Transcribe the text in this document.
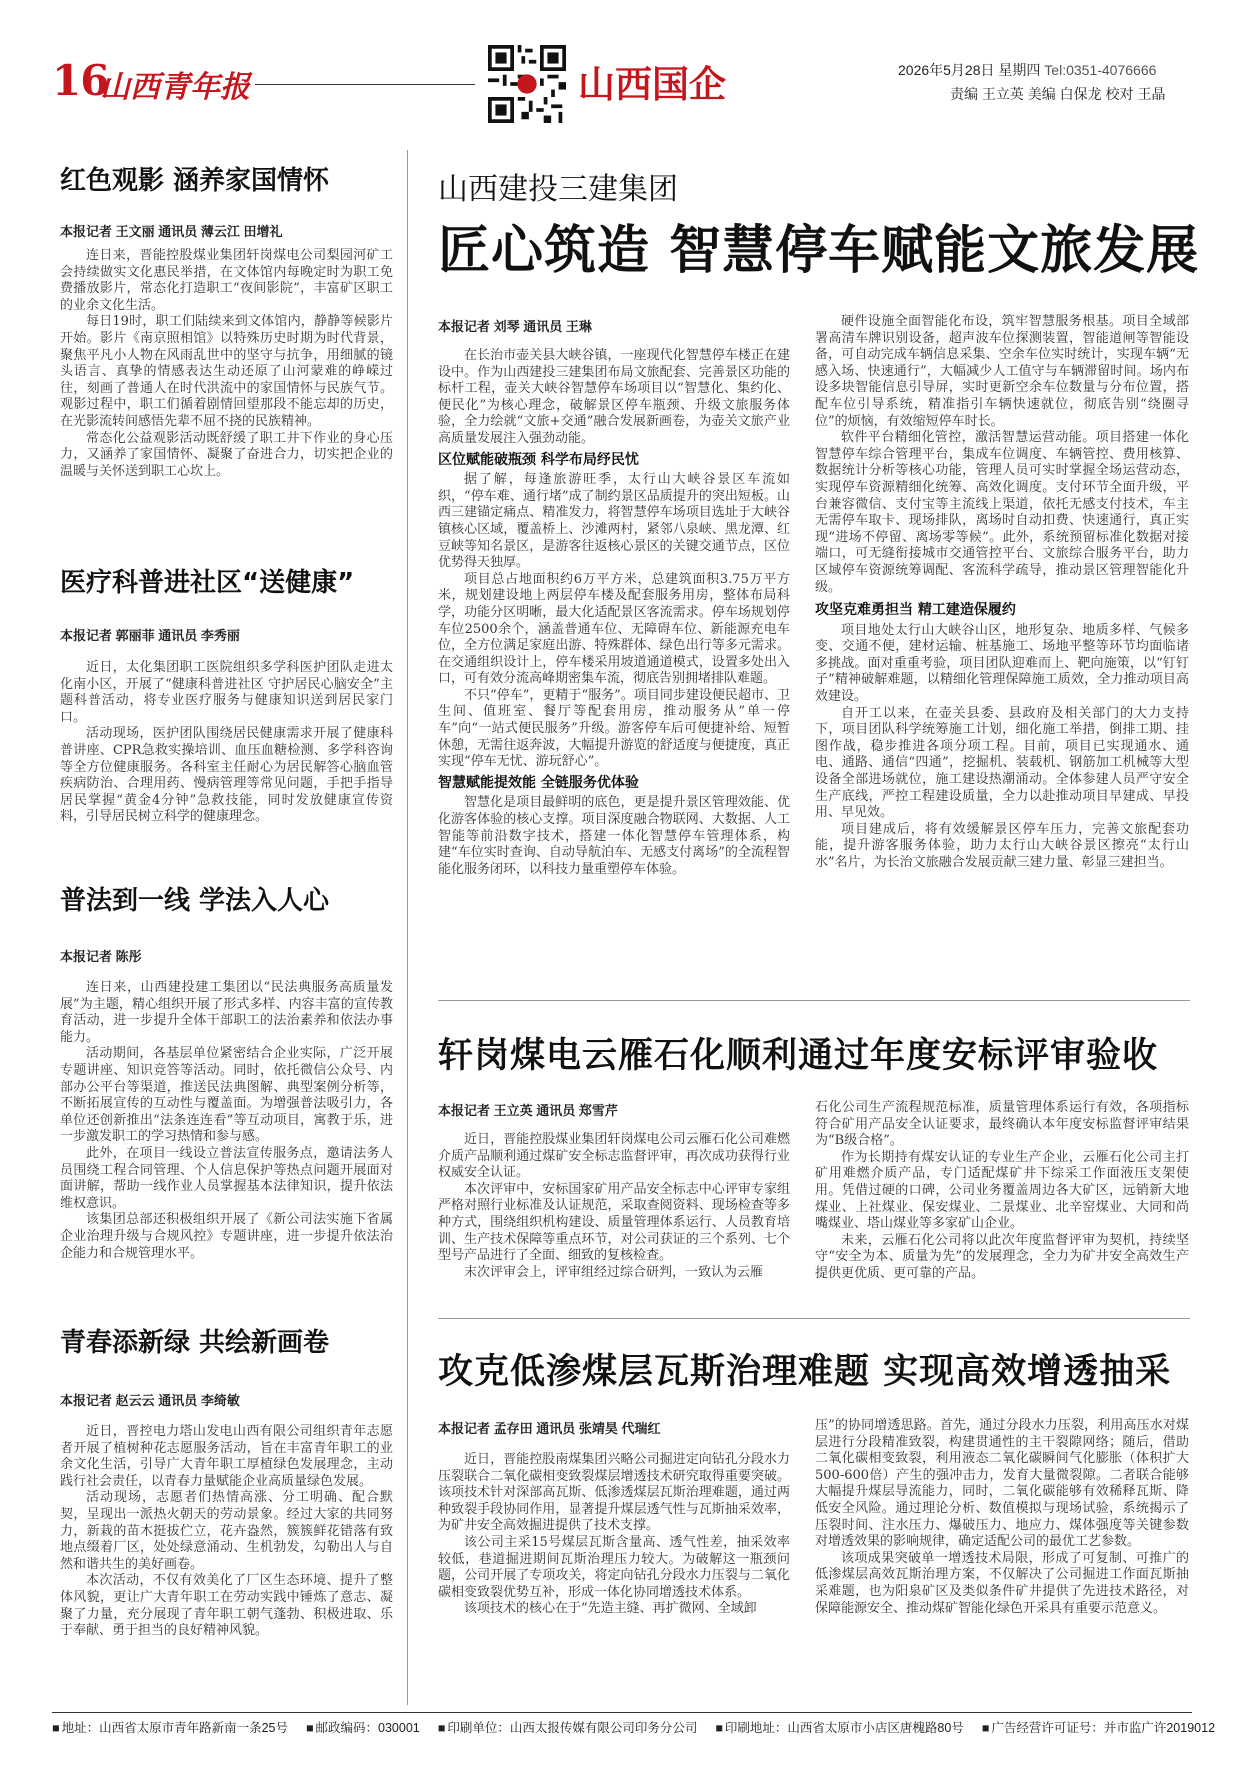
16
山西青年报	山西国企	2026年5月28日 星期四 Tel:0351-4076666
责编 王立英 美编 白保龙 校对 王晶
红色观影 涵养家国情怀
本报记者 王文丽 通讯员 薄云江 田增礼

连日来，晋能控股煤业集团轩岗煤电公司梨园河矿工会持续做实文化惠民举措，在文体馆内每晚定时为职工免费播放影片，常态化打造职工“夜间影院”，丰富矿区职工的业余文化生活。

每日19时，职工们陆续来到文体馆内，静静等候影片开始。影片《南京照相馆》以特殊历史时期为时代背景，聚焦平凡小人物在风雨乱世中的坚守与抗争，用细腻的镜头语言、真挚的情感表达生动还原了山河蒙难的峥嵘过往，刻画了普通人在时代洪流中的家国情怀与民族气节。观影过程中，职工们循着剧情回望那段不能忘却的历史，在光影流转间感悟先辈不屈不挠的民族精神。

常态化公益观影活动既舒缓了职工井下作业的身心压力，又涵养了家国情怀、凝聚了奋进合力，切实把企业的温暖与关怀送到职工心坎上。

医疗科普进社区“送健康”
本报记者 郭丽菲 通讯员 李秀丽

近日，太化集团职工医院组织多学科医护团队走进太化南小区，开展了“健康科普进社区 守护居民心脑安全”主题科普活动，将专业医疗服务与健康知识送到居民家门口。

活动现场，医护团队围绕居民健康需求开展了健康科普讲座、CPR急救实操培训、血压血糖检测、多学科咨询等全方位健康服务。各科室主任耐心为居民解答心脑血管疾病防治、合理用药、慢病管理等常见问题，手把手指导居民掌握“黄金4分钟”急救技能，同时发放健康宣传资料，引导居民树立科学的健康理念。

普法到一线 学法入人心
本报记者 陈彤

连日来，山西建投建工集团以“民法典服务高质量发展”为主题，精心组织开展了形式多样、内容丰富的宣传教育活动，进一步提升全体干部职工的法治素养和依法办事能力。

活动期间，各基层单位紧密结合企业实际，广泛开展专题讲座、知识竞答等活动。同时，依托微信公众号、内部办公平台等渠道，推送民法典图解、典型案例分析等，不断拓展宣传的互动性与覆盖面。为增强普法吸引力，各单位还创新推出“法条连连看”等互动项目，寓教于乐，进一步激发职工的学习热情和参与感。

此外，在项目一线设立普法宣传服务点，邀请法务人员围绕工程合同管理、个人信息保护等热点问题开展面对面讲解，帮助一线作业人员掌握基本法律知识，提升依法维权意识。

该集团总部还积极组织开展了《新公司法实施下省属企业治理升级与合规风控》专题讲座，进一步提升依法治企能力和合规管理水平。

青春添新绿 共绘新画卷
本报记者 赵云云 通讯员 李绮敏

近日，晋控电力塔山发电山西有限公司组织青年志愿者开展了植树种花志愿服务活动，旨在丰富青年职工的业余文化生活，引导广大青年职工厚植绿色发展理念，主动践行社会责任，以青春力量赋能企业高质量绿色发展。

活动现场，志愿者们热情高涨、分工明确、配合默契，呈现出一派热火朝天的劳动景象。经过大家的共同努力，新栽的苗木挺拔伫立，花卉盎然，簇簇鲜花错落有致地点缀着厂区，处处绿意涌动、生机勃发，勾勒出人与自然和谐共生的美好画卷。

本次活动，不仅有效美化了厂区生态环境、提升了整体风貌，更让广大青年职工在劳动实践中锤炼了意志、凝聚了力量，充分展现了青年职工朝气蓬勃、积极进取、乐于奉献、勇于担当的良好精神风貌。

山西建投三建集团
匠心筑造 智慧停车赋能文旅发展
本报记者 刘琴 通讯员 王琳

在长治市壶关县大峡谷镇，一座现代化智慧停车楼正在建设中。作为山西建投三建集团布局文旅配套、完善景区功能的标杆工程，壶关大峡谷智慧停车场项目以“智慧化、集约化、便民化”为核心理念，破解景区停车瓶颈、升级文旅服务体验，全力绘就“文旅+交通”融合发展新画卷，为壶关文旅产业高质量发展注入强劲动能。

区位赋能破瓶颈 科学布局纾民忧

据了解，每逢旅游旺季，太行山大峡谷景区车流如织，“停车难、通行堵”成了制约景区品质提升的突出短板。山西三建锚定痛点、精准发力，将智慧停车场项目选址于大峡谷镇核心区域，覆盖桥上、沙滩两村，紧邻八泉峡、黑龙潭、红豆峡等知名景区，是游客往返核心景区的关键交通节点，区位优势得天独厚。

项目总占地面积约6万平方米，总建筑面积3.75万平方米，规划建设地上两层停车楼及配套服务用房，整体布局科学，功能分区明晰，最大化适配景区客流需求。停车场规划停车位2500余个，涵盖普通车位、无障碍车位、新能源充电车位，全方位满足家庭出游、特殊群体、绿色出行等多元需求。在交通组织设计上，停车楼采用坡道通道模式，设置多处出入口，可有效分流高峰期密集车流，彻底告别拥堵排队难题。

不只“停车”，更精于“服务”。项目同步建设便民超市、卫生间、值班室、餐厅等配套用房，推动服务从“单一停车”向“一站式便民服务”升级。游客停车后可便捷补给、短暂休憩，无需往返奔波，大幅提升游览的舒适度与便捷度，真正实现“停车无忧、游玩舒心”。

智慧赋能提效能 全链服务优体验

智慧化是项目最鲜明的底色，更是提升景区管理效能、优化游客体验的核心支撑。项目深度融合物联网、大数据、人工智能等前沿数字技术，搭建一体化智慧停车管理体系，构建“车位实时查询、自动导航泊车、无感支付离场”的全流程智能化服务闭环，以科技力量重塑停车体验。

硬件设施全面智能化布设，筑牢智慧服务根基。项目全域部署高清车牌识别设备，超声波车位探测装置，智能道闸等智能设备，可自动完成车辆信息采集、空余车位实时统计，实现车辆“无感入场、快速通行”，大幅减少人工值守与车辆滞留时间。场内布设多块智能信息引导屏，实时更新空余车位数量与分布位置，搭配车位引导系统，精准指引车辆快速就位，彻底告别“绕圈寻位”的烦恼，有效缩短停车时长。

软件平台精细化管控，激活智慧运营动能。项目搭建一体化智慧停车综合管理平台，集成车位调度、车辆管控、费用核算、数据统计分析等核心功能，管理人员可实时掌握全场运营动态，实现停车资源精细化统筹、高效化调度。支付环节全面升级，平台兼容微信、支付宝等主流线上渠道，依托无感支付技术，车主无需停车取卡、现场排队，离场时自动扣费、快速通行，真正实现“进场不停留、离场零等候”。此外，系统预留标准化数据对接端口，可无缝衔接城市交通管控平台、文旅综合服务平台，助力区域停车资源统筹调配、客流科学疏导，推动景区管理智能化升级。

攻坚克难勇担当 精工建造保履约

项目地处太行山大峡谷山区，地形复杂、地质多样、气候多变、交通不便，建材运输、桩基施工、场地平整等环节均面临诸多挑战。面对重重考验，项目团队迎难而上、靶向施策，以“钉钉子”精神破解难题，以精细化管理保障施工质效，全力推动项目高效建设。

自开工以来，在壶关县委、县政府及相关部门的大力支持下，项目团队科学统筹施工计划，细化施工举措，倒排工期、挂图作战，稳步推进各项分项工程。目前，项目已实现通水、通电、通路、通信“四通”，挖掘机、装载机、钢筋加工机械等大型设备全部进场就位，施工建设热潮涌动。全体参建人员严守安全生产底线，严控工程建设质量，全力以赴推动项目早建成、早投用、早见效。

项目建成后，将有效缓解景区停车压力，完善文旅配套功能，提升游客服务体验，助力太行山大峡谷景区擦亮“太行山水”名片，为长治文旅融合发展贡献三建力量、彰显三建担当。

轩岗煤电云雁石化顺利通过年度安标评审验收
本报记者 王立英 通讯员 郑雪芹

近日，晋能控股煤业集团轩岗煤电公司云雁石化公司难燃介质产品顺利通过煤矿安全标志监督评审，再次成功获得行业权威安全认证。

本次评审中，安标国家矿用产品安全标志中心评审专家组严格对照行业标准及认证规范，采取查阅资料、现场检查等多种方式，围绕组织机构建设、质量管理体系运行、人员教育培训、生产技术保障等重点环节，对公司获证的三个系列、七个型号产品进行了全面、细致的复核检查。

末次评审会上，评审组经过综合研判，一致认为云雁

石化公司生产流程规范标准，质量管理体系运行有效，各项指标符合矿用产品安全认证要求，最终确认本年度安标监督评审结果为“B级合格”。

作为长期持有煤安认证的专业生产企业，云雁石化公司主打矿用难燃介质产品，专门适配煤矿井下综采工作面液压支架使用。凭借过硬的口碑，公司业务覆盖周边各大矿区，远销新大地煤业、上社煤业、保安煤业、二景煤业、北辛窑煤业、大同和尚嘴煤业、塔山煤业等多家矿山企业。

未来，云雁石化公司将以此次年度监督评审为契机，持续坚守“安全为本、质量为先”的发展理念，全力为矿井安全高效生产提供更优质、更可靠的产品。

攻克低渗煤层瓦斯治理难题 实现高效增透抽采
本报记者 孟存田 通讯员 张靖昊 代瑞红

近日，晋能控股南煤集团兴略公司掘进定向钻孔分段水力压裂联合二氧化碳相变致裂煤层增透技术研究取得重要突破。该项技术针对深部高瓦斯、低渗透煤层瓦斯治理难题，通过两种致裂手段协同作用，显著提升煤层透气性与瓦斯抽采效率，为矿井安全高效掘进提供了技术支撑。

该公司主采15号煤层瓦斯含量高、透气性差，抽采效率较低，巷道掘进期间瓦斯治理压力较大。为破解这一瓶颈问题，公司开展了专项攻关，将定向钻孔分段水力压裂与二氧化碳相变致裂优势互补，形成一体化协同增透技术体系。

该项技术的核心在于“先造主缝、再扩微网、全域卸

压”的协同增透思路。首先，通过分段水力压裂，利用高压水对煤层进行分段精准致裂，构建贯通性的主干裂隙网络；随后，借助二氧化碳相变致裂，利用液态二氧化碳瞬间气化膨胀（体积扩大500-600倍）产生的强冲击力，发育大量微裂隙。二者联合能够大幅提升煤层导流能力，同时，二氧化碳能够有效稀释瓦斯、降低安全风险。通过理论分析、数值模拟与现场试验，系统揭示了压裂时间、注水压力、爆破压力、地应力、煤体强度等关键参数对增透效果的影响规律，确定适配公司的最优工艺参数。

该项成果突破单一增透技术局限，形成了可复制、可推广的低渗煤层高效瓦斯治理方案，不仅解决了公司掘进工作面瓦斯抽采难题，也为阳泉矿区及类似条件矿井提供了先进技术路径，对保障能源安全、推动煤矿智能化绿色开采具有重要示范意义。

■ 地址：山西省太原市青年路新南一条25号	■ 邮政编码：030001	■ 印刷单位：山西太报传媒有限公司印务分公司	■ 印刷地址：山西省太原市小店区唐槐路80号	■ 广告经营许可证号：并市监广许2019012
